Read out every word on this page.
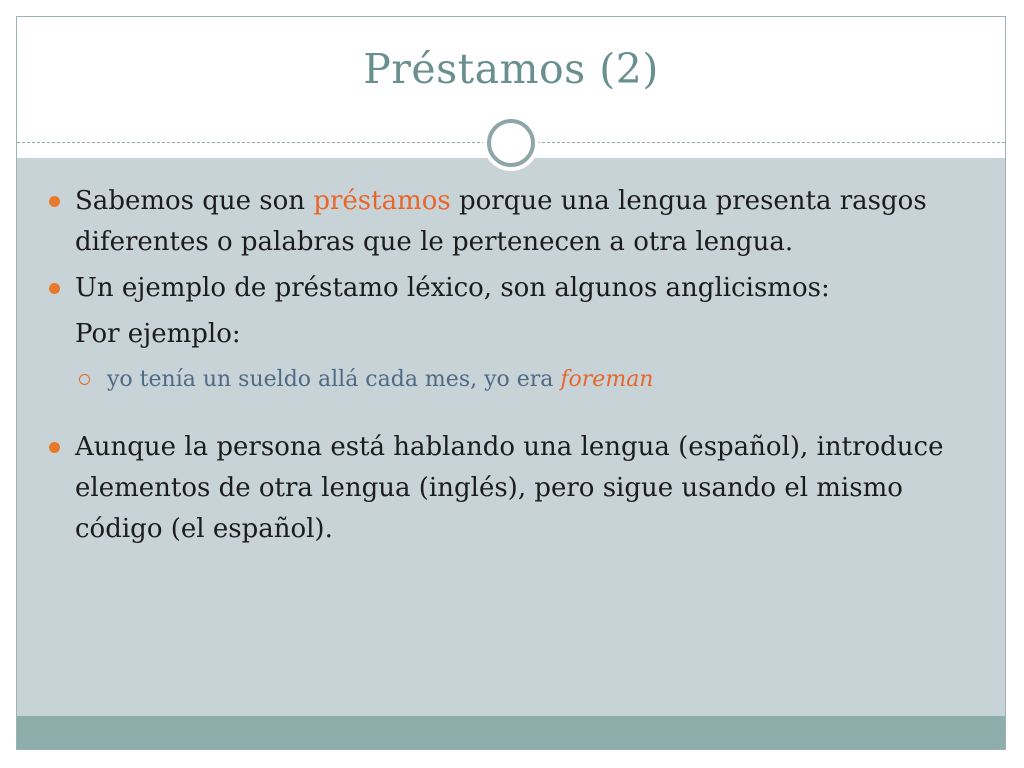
Préstamos (2)
Sabemos que son préstamos porque una lengua presenta rasgos diferentes o palabras que le pertenecen a otra lengua.
Un ejemplo de préstamo léxico, son algunos anglicismos:
Por ejemplo:
yo tenía un sueldo allá cada mes, yo era foreman
Aunque la persona está hablando una lengua (español), introduce elementos de otra lengua (inglés), pero sigue usando el mismo código (el español).
